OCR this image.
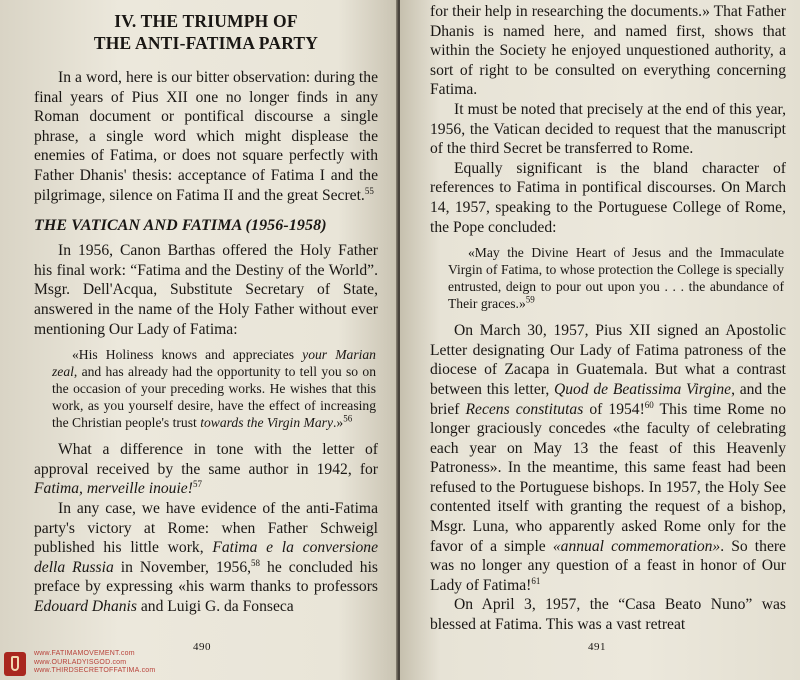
IV. THE TRIUMPH OF
THE ANTI-FATIMA PARTY

In a word, here is our bitter observation: during the final years of Pius XII one no longer finds in any Roman document or pontifical discourse a single phrase, a single word which might displease the enemies of Fatima, or does not square perfectly with Father Dhanis' thesis: acceptance of Fatima I and the pilgrimage, silence on Fatima II and the great Secret.$^{55}$

THE VATICAN AND FATIMA (1956-1958)

In 1956, Canon Barthas offered the Holy Father his final work: “Fatima and the Destiny of the World”. Msgr. Dell'Acqua, Substitute Secretary of State, answered in the name of the Holy Father without ever mentioning Our Lady of Fatima:

«His Holiness knows and appreciates your Marian zeal, and has already had the opportunity to tell you so on the occasion of your preceding works. He wishes that this work, as you yourself desire, have the effect of increasing the Christian people's trust towards the Virgin Mary.»$^{56}$

What a difference in tone with the letter of approval received by the same author in 1942, for Fatima, merveille inouie!$^{57}$

In any case, we have evidence of the anti-Fatima party's victory at Rome: when Father Schweigl published his little work, Fatima e la conversione della Russia in November, 1956,58 he concluded his preface by expressing «his warm thanks to professors Edouard Dhanis and Luigi G. da Fonseca

490
www.FATIMAMOVEMENT.com
www.OURLADYISGOD.com
www.THIRDSECRETOFFATIMA.com

for their help in researching the documents.» That Father Dhanis is named here, and named first, shows that within the Society he enjoyed unquestioned authority, a sort of right to be consulted on everything concerning Fatima.

It must be noted that precisely at the end of this year, 1956, the Vatican decided to request that the manuscript of the third Secret be transferred to Rome.

Equally significant is the bland character of references to Fatima in pontifical discourses. On March 14, 1957, speaking to the Portuguese College of Rome, the Pope concluded:

«May the Divine Heart of Jesus and the Immaculate Virgin of Fatima, to whose protection the College is specially entrusted, deign to pour out upon you . . . the abundance of Their graces.»$^{59}$

On March 30, 1957, Pius XII signed an Apostolic Letter designating Our Lady of Fatima patroness of the diocese of Zacapa in Guatemala. But what a contrast between this letter, Quod de Beatissima Virgine, and the brief Recens constitutas of 1954!$^{60}$ This time Rome no longer graciously concedes «the faculty of celebrating each year on May 13 the feast of this Heavenly Patroness». In the meantime, this same feast had been refused to the Portuguese bishops. In 1957, the Holy See contented itself with granting the request of a bishop, Msgr. Luna, who apparently asked Rome only for the favor of a simple «annual commemoration». So there was no longer any question of a feast in honor of Our Lady of Fatima!$^{61}$

On April 3, 1957, the “Casa Beato Nuno” was blessed at Fatima. This was a vast retreat

491
